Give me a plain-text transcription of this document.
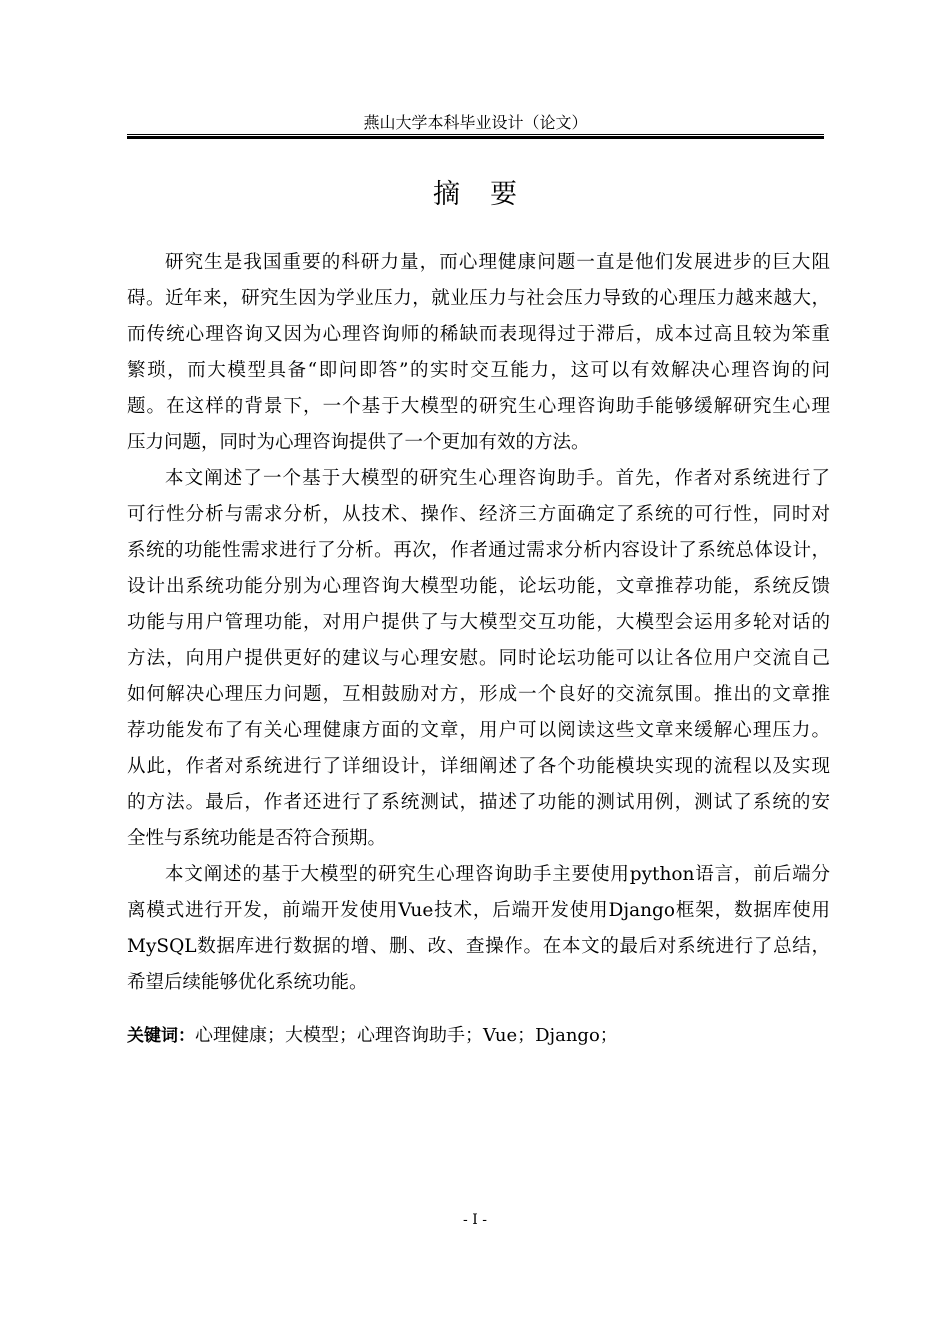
燕山大学本科毕业设计（论文）
摘要
研究生是我国重要的科研力量，而心理健康问题一直是他们发展进步的巨大阻
碍。近年来，研究生因为学业压力，就业压力与社会压力导致的心理压力越来越大，
而传统心理咨询又因为心理咨询师的稀缺而表现得过于滞后，成本过高且较为笨重
繁琐，而大模型具备“即问即答”的实时交互能力，这可以有效解决心理咨询的问
题。在这样的背景下，一个基于大模型的研究生心理咨询助手能够缓解研究生心理
压力问题，同时为心理咨询提供了一个更加有效的方法。
本文阐述了一个基于大模型的研究生心理咨询助手。首先，作者对系统进行了
可行性分析与需求分析，从技术、操作、经济三方面确定了系统的可行性，同时对
系统的功能性需求进行了分析。再次，作者通过需求分析内容设计了系统总体设计，
设计出系统功能分别为心理咨询大模型功能，论坛功能，文章推荐功能，系统反馈
功能与用户管理功能，对用户提供了与大模型交互功能，大模型会运用多轮对话的
方法，向用户提供更好的建议与心理安慰。同时论坛功能可以让各位用户交流自己
如何解决心理压力问题，互相鼓励对方，形成一个良好的交流氛围。推出的文章推
荐功能发布了有关心理健康方面的文章，用户可以阅读这些文章来缓解心理压力。
从此，作者对系统进行了详细设计，详细阐述了各个功能模块实现的流程以及实现
的方法。最后，作者还进行了系统测试，描述了功能的测试用例，测试了系统的安
全性与系统功能是否符合预期。
本文阐述的基于大模型的研究生心理咨询助手主要使用python语言，前后端分
离模式进行开发，前端开发使用Vue技术，后端开发使用Django框架，数据库使用
MySQL数据库进行数据的增、删、改、查操作。在本文的最后对系统进行了总结，
希望后续能够优化系统功能。
关键词：心理健康；大模型；心理咨询助手；Vue；Django；
- I -
